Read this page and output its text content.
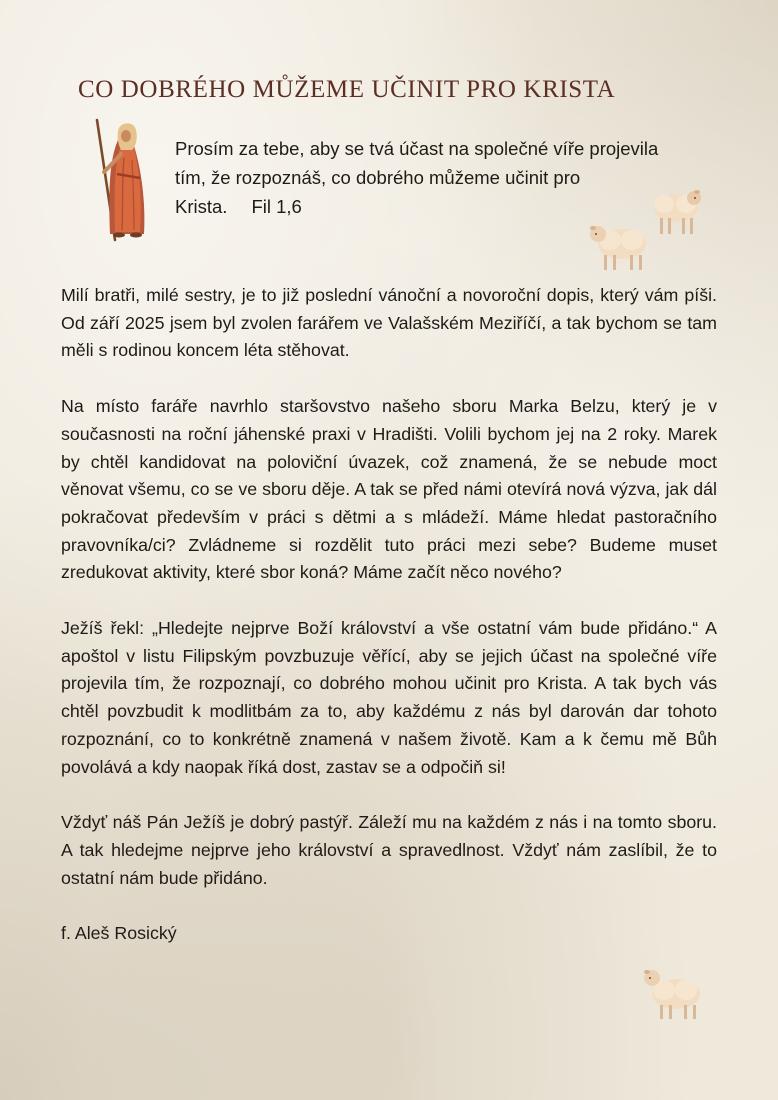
CO DOBRÉHO MŮŽEME UČINIT PRO KRISTA

Prosím za tebe, aby se tvá účast na společné víře projevila tím, že rozpoznáš, co dobrého můžeme učinit pro Krista. Fil 1,6

Milí bratři, milé sestry, je to již poslední vánoční a novoroční dopis, který vám píši. Od září 2025 jsem byl zvolen farářem ve Valašském Meziříčí, a tak bychom se tam měli s rodinou koncem léta stěhovat.

Na místo faráře navrhlo staršovstvo našeho sboru Marka Belzu, který je v současnosti na roční jáhenské praxi v Hradišti. Volili bychom jej na 2 roky. Marek by chtěl kandidovat na poloviční úvazek, což znamená, že se nebude moct věnovat všemu, co se ve sboru děje. A tak se před námi otevírá nová výzva, jak dál pokračovat především v práci s dětmi a s mládeží. Máme hledat pastoračního pravovníka/ci? Zvládneme si rozdělit tuto práci mezi sebe? Budeme muset zredukovat aktivity, které sbor koná? Máme začít něco nového?

Ježíš řekl: „Hledejte nejprve Boží království a vše ostatní vám bude přidáno.“ A apoštol v listu Filipským povzbuzuje věřící, aby se jejich účast na společné víře projevila tím, že rozpoznají, co dobrého mohou učinit pro Krista. A tak bych vás chtěl povzbudit k modlitbám za to, aby každému z nás byl darován dar tohoto rozpoznání, co to konkrétně znamená v našem životě. Kam a k čemu mě Bůh povolává a kdy naopak říká dost, zastav se a odpočiň si!

Vždyť náš Pán Ježíš je dobrý pastýř. Záleží mu na každém z nás i na tomto sboru. A tak hledejme nejprve jeho království a spravedlnost. Vždyť nám zaslíbil, že to ostatní nám bude přidáno.

f. Aleš Rosický
